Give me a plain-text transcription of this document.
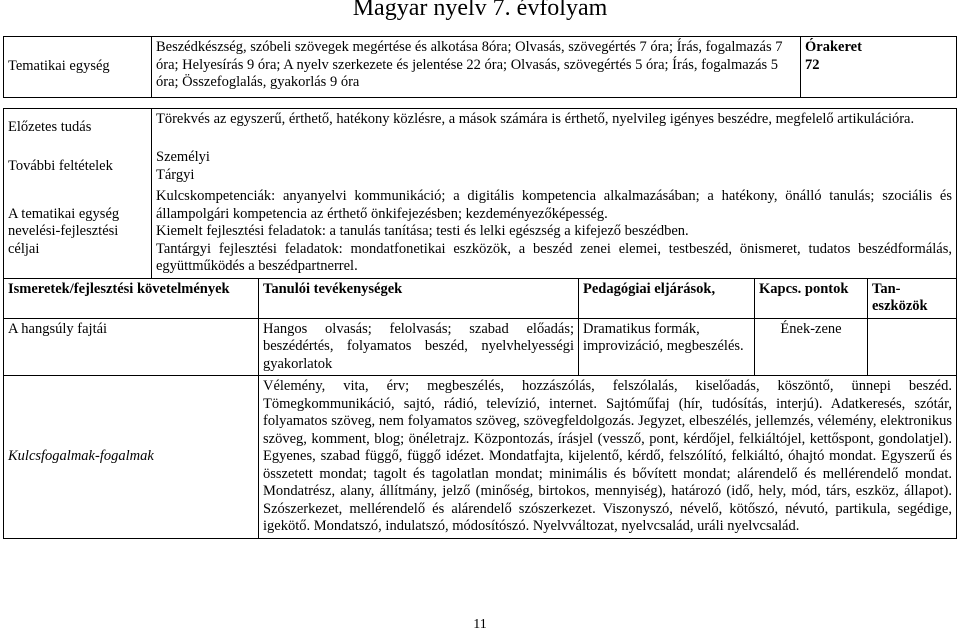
Magyar nyelv 7. évfolyam
Tematikai egység	Beszédkészség, szóbeli szövegek megértése és alkotása 8óra; Olvasás, szövegértés 7 óra; Írás, fogalmazás 7 óra; Helyesírás 9 óra; A nyelv szerkezete és jelentése 22 óra; Olvasás, szövegértés 5 óra; Írás, fogalmazás 5 óra; Összefoglalás, gyakorlás 9 óra				Órakeret
72	

Előzetes tudás	Törekvés az egyszerű, érthető, hatékony közlésre, a mások számára is érthető, nyelvileg igényes beszédre, megfelelő artikulációra.					
További feltételek	Személyi
Tárgyi					

A tematikai egység nevelési-fejlesztési céljai	Kulcskompetenciák: anyanyelvi kommunikáció; a digitális kompetencia alkalmazásában; a hatékony, önálló tanulás; szociális és állampolgári kompetencia az érthető önkifejezésben; kezdeményezőképesség.
Kiemelt fejlesztési feladatok: a tanulás tanítása; testi és lelki egészség a kifejező beszédben.
Tantárgyi fejlesztési feladatok: mondatfonetikai eszközök, a beszéd zenei elemei, testbeszéd, önismeret, tudatos beszédformálás, együttműködés a beszédpartnerrel.					

Ismeretek/fejlesztési követelmények		Tanulói tevékenységek	Pedagógiai eljárások,	Kapcs. pontok		Tan-eszközök
A hangsúly fajtái		Hangos olvasás; felolvasás; szabad előadás; beszédértés, folyamatos beszéd, nyelvhelyességi gyakorlatok	Dramatikus formák, improvizáció, megbeszélés.	Ének-zene		
Kulcsfogalmak-fogalmak		Vélemény, vita, érv; megbeszélés, hozzászólás, felszólalás, kiselőadás, köszöntő, ünnepi beszéd. Tömegkommunikáció, sajtó, rádió, televízió, internet. Sajtóműfaj (hír, tudósítás, interjú). Adatkeresés, szótár, folyamatos szöveg, nem folyamatos szöveg, szövegfeldolgozás. Jegyzet, elbeszélés, jellemzés, vélemény, elektronikus szöveg, komment, blog; önéletrajz. Központozás, írásjel (vessző, pont, kérdőjel, felkiáltójel, kettőspont, gondolatjel). Egyenes, szabad függő, függő idézet. Mondatfajta, kijelentő, kérdő, felszólító, felkiáltó, óhajtó mondat. Egyszerű és összetett mondat; tagolt és tagolatlan mondat; minimális és bővített mondat; alárendelő és mellérendelő mondat. Mondatrész, alany, állítmány, jelző (minőség, birtokos, mennyiség), határozó (idő, hely, mód, társ, eszköz, állapot). Szószerkezet, mellérendelő és alárendelő szószerkezet. Viszonyszó, névelő, kötőszó, névutó, partikula, segédige, igekötő. Mondatszó, indulatszó, módosítószó. Nyelvváltozat, nyelvcsalád, uráli nyelvcsalád.				
11
